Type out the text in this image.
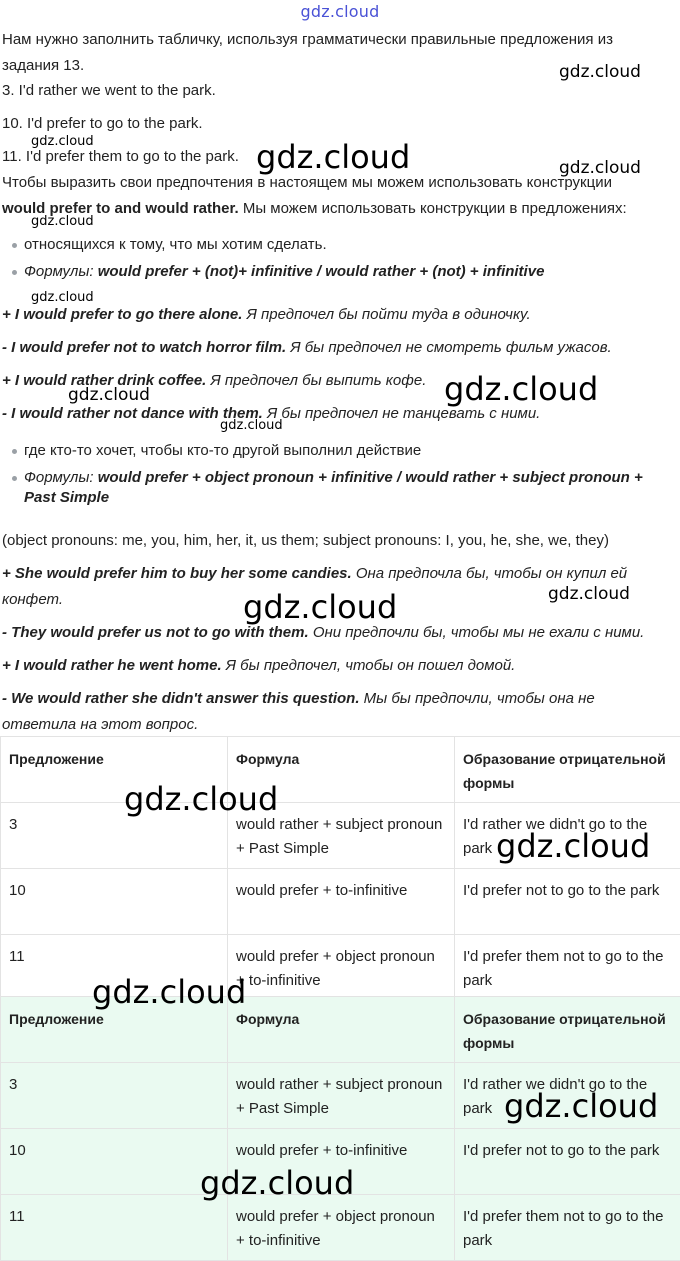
gdz.cloud
Нам нужно заполнить табличку, используя грамматически правильные предложения из
задания 13.
3. I'd rather we went to the park.
10. I'd prefer to go to the park.
11. I'd prefer them to go to the park.
Чтобы выразить свои предпочтения в настоящем мы можем использовать конструкции
would prefer to and would rather. Мы можем использовать конструкции в предложениях:
относящихся к тому, что мы хотим сделать.
Формулы: would prefer + (not)+ infinitive / would rather + (not) + infinitive
+ I would prefer to go there alone. Я предпочел бы пойти туда в одиночку.
- I would prefer not to watch horror film. Я бы предпочел не смотреть фильм ужасов.
+ I would rather drink coffee. Я предпочел бы выпить кофе.
- I would rather not dance with them. Я бы предпочел не танцевать с ними.
где кто-то хочет, чтобы кто-то другой выполнил действие
Формулы: would prefer + object pronoun + infinitive / would rather + subject pronoun +
Past Simple
(object pronouns: me, you, him, her, it, us them; subject pronouns: I, you, he, she, we, they)
+ She would prefer him to buy her some candies. Она предпочла бы, чтобы он купил ей
конфет.
- They would prefer us not to go with them. Они предпочли бы, чтобы мы не ехали с ними.
+ I would rather he went home. Я бы предпочел, чтобы он пошел домой.
- We would rather she didn't answer this question. Мы бы предпочли, чтобы она не
ответила на этот вопрос.
Предложение	Формула	Образование отрицательной формы
3	would rather + subject pronoun + Past Simple	I'd rather we didn't go to the park
10	would prefer + to-infinitive	I'd prefer not to go to the park
11	would prefer + object pronoun + to-infinitive	I'd prefer them not to go to the park
Предложение	Формула	Образование отрицательной формы
3	would rather + subject pronoun + Past Simple	I'd rather we didn't go to the park
10	would prefer + to-infinitive	I'd prefer not to go to the park
11	would prefer + object pronoun + to-infinitive	I'd prefer them not to go to the park
gdz.cloud
gdz.cloud	gdz.cloud	gdz.cloud
gdz.cloud
gdz.cloud
gdz.cloud
gdz.cloud
gdz.cloud
gdz.cloud	gdz.cloud
gdz.cloud
gdz.cloud
gdz.cloud
gdz.cloud
gdz.cloud
